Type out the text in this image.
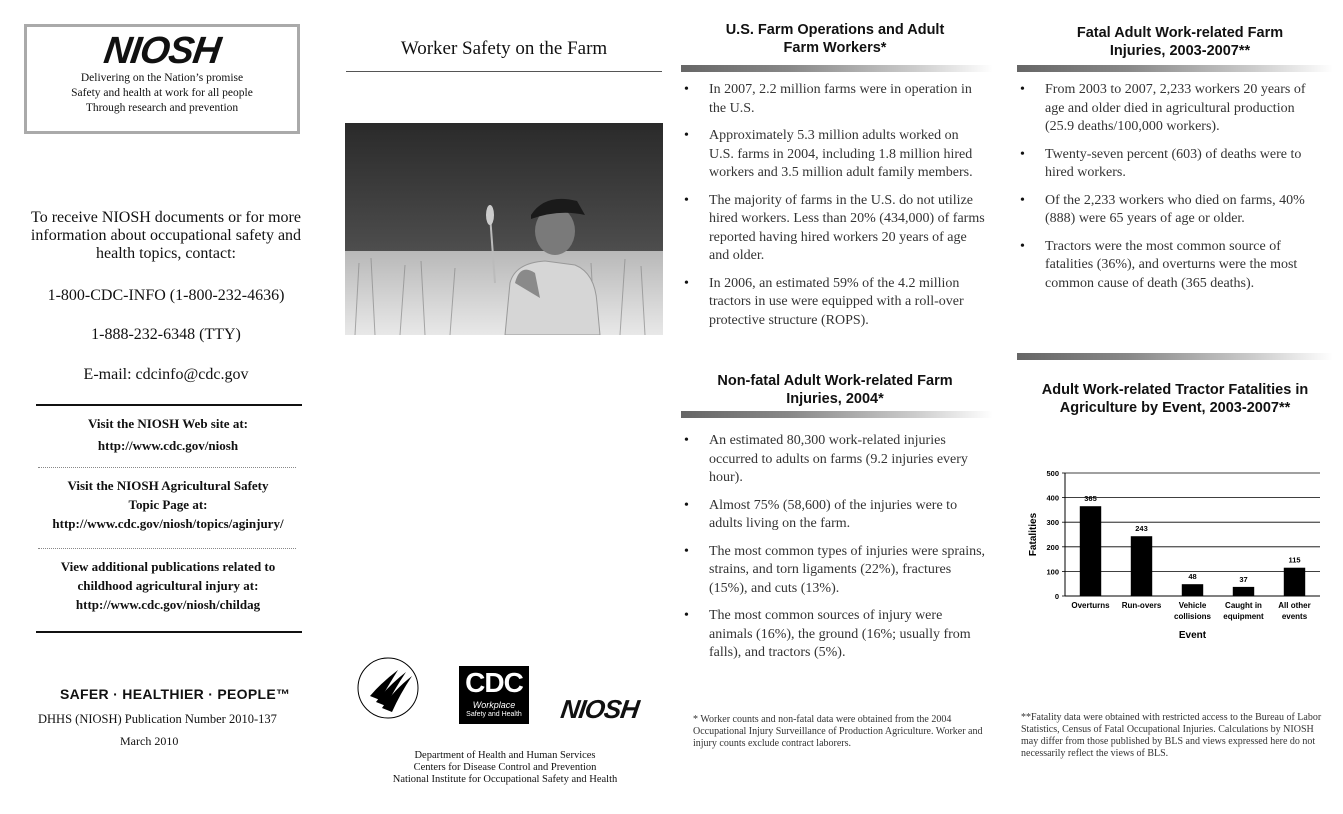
NIOSH
Delivering on the Nation’s promise
Safety and health at work for all people
Through research and prevention
To receive NIOSH documents or for more information about occupational safety and health topics, contact:
1-800-CDC-INFO (1-800-232-4636)
1-888-232-6348 (TTY)
E-mail: cdcinfo@cdc.gov
Visit the NIOSH Web site at:
http://www.cdc.gov/niosh
Visit the NIOSH Agricultural Safety
Topic Page at:
http://www.cdc.gov/niosh/topics/aginjury/
View additional publications related to
childhood agricultural injury at:
http://www.cdc.gov/niosh/childag
SAFER · HEALTHIER · PEOPLE™
DHHS (NIOSH) Publication Number 2010-137
March 2010
Worker Safety on the Farm
CDC
Workplace
Safety and Health NIOSH
Department of Health and Human Services
Centers for Disease Control and Prevention
National Institute for Occupational Safety and Health
U.S. Farm Operations and Adult
Farm Workers*
• In 2007, 2.2 million farms were in operation in the U.S.
• Approximately 5.3 million adults worked on U.S. farms in 2004, including 1.8 million hired workers and 3.5 million adult family members.
• The majority of farms in the U.S. do not utilize hired workers. Less than 20% (434,000) of farms reported having hired workers 20 years of age and older.
• In 2006, an estimated 59% of the 4.2 million tractors in use were equipped with a roll-over protective structure (ROPS).
Non-fatal Adult Work-related Farm
Injuries, 2004*
• An estimated 80,300 work-related injuries occurred to adults on farms (9.2 injuries every hour).
• Almost 75% (58,600) of the injuries were to adults living on the farm.
• The most common types of injuries were sprains, strains, and torn ligaments (22%), fractures (15%), and cuts (13%).
• The most common sources of injury were animals (16%), the ground (16%; usually from falls), and tractors (5%).
* Worker counts and non-fatal data were obtained from the 2004 Occupational Injury Surveillance of Production Agriculture. Worker and injury counts exclude contract laborers.
Fatal Adult Work-related Farm
Injuries, 2003-2007**
• From 2003 to 2007, 2,233 workers 20 years of age and older died in agricultural production (25.9 deaths/100,000 workers).
• Twenty-seven percent (603) of deaths were to hired workers.
• Of the 2,233 workers who died on farms, 40% (888) were 65 years of age or older.
• Tractors were the most common source of fatalities (36%), and overturns were the most common cause of death (365 deaths).
Adult Work-related Tractor Fatalities in
Agriculture by Event, 2003-2007**
0
100
200
300
400
500
365
Overturns
243
Run-overs
48
Vehicle
collisions
37
Caught in
equipment
115
All other
events
Event
Fatalities
**Fatality data were obtained with restricted access to the Bureau of Labor Statistics, Census of Fatal Occupational Injuries. Calculations by NIOSH may differ from those published by BLS and views expressed here do not necessarily reflect the views of BLS.
